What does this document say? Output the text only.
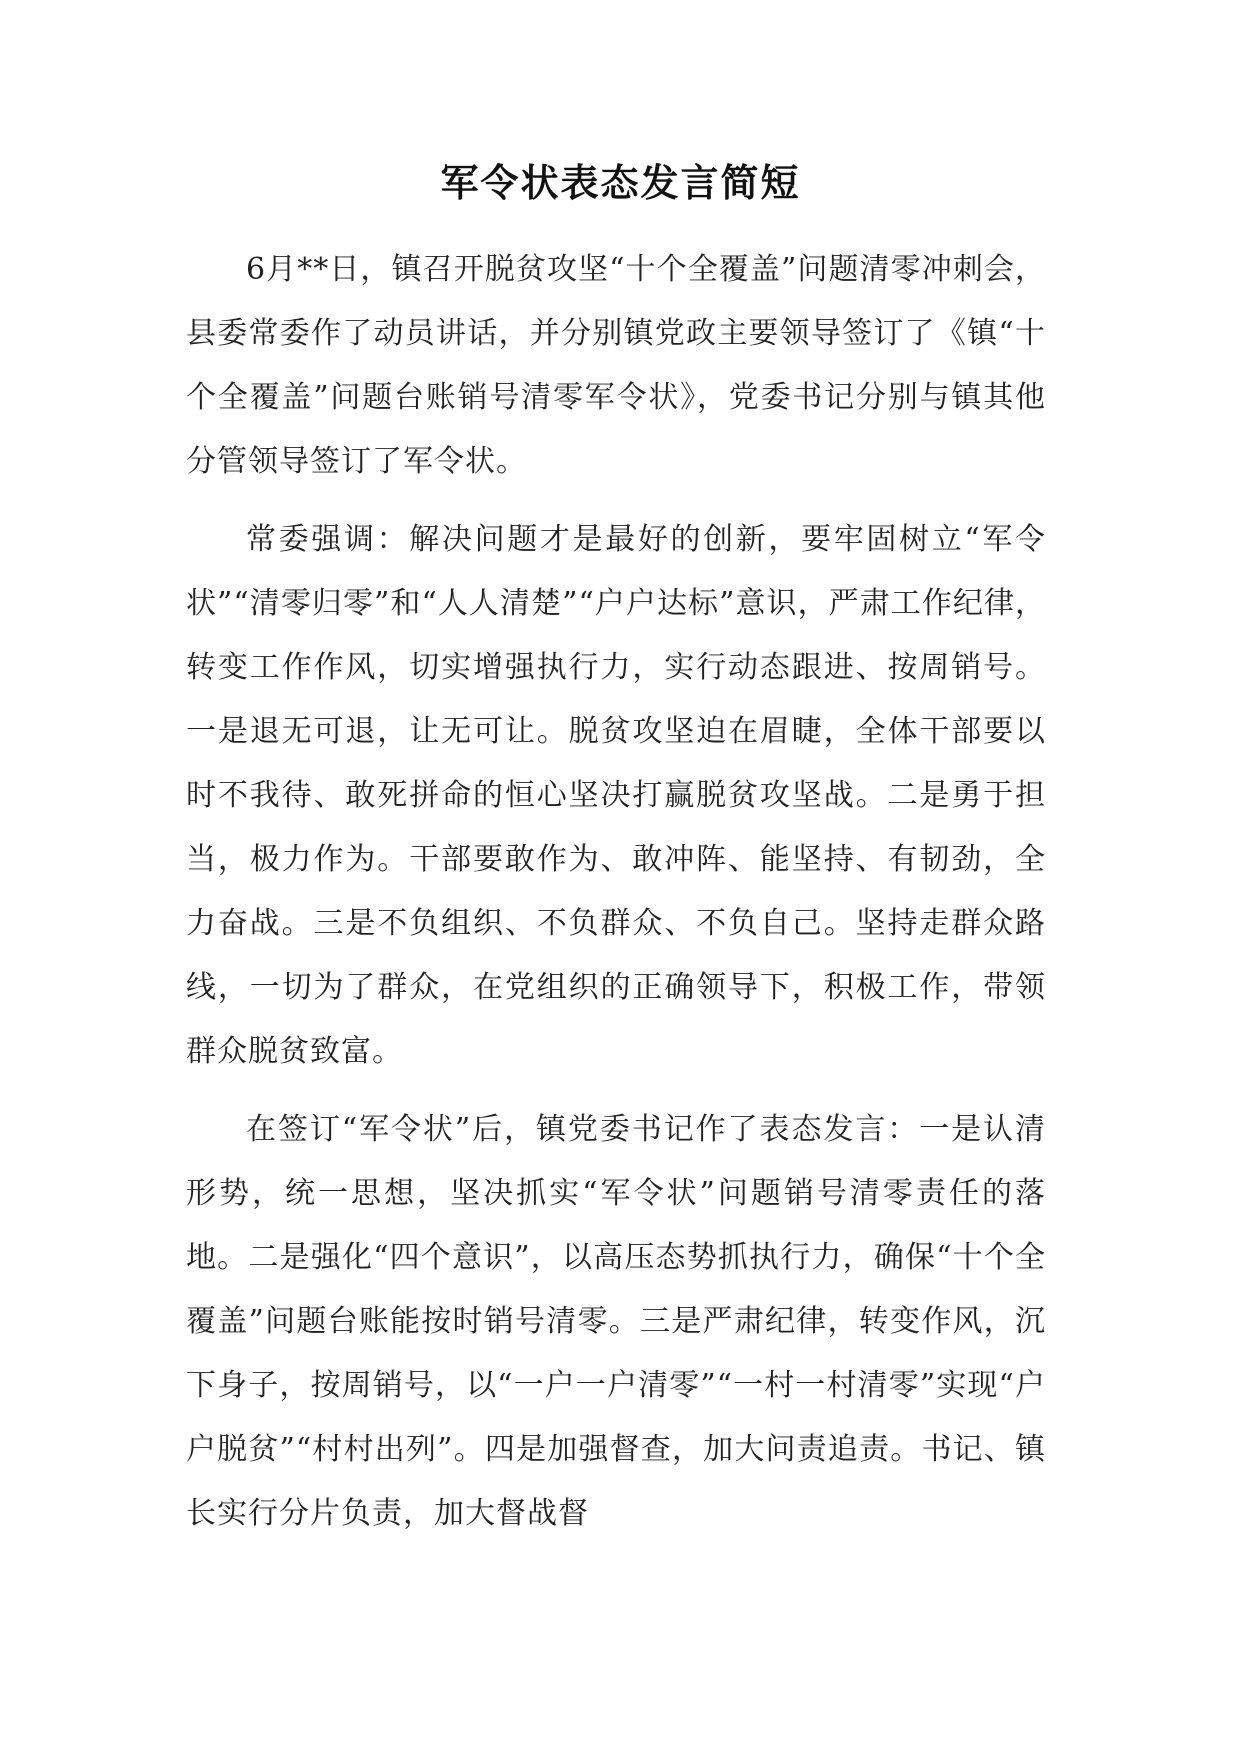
军令状表态发言简短

6月**日，镇召开脱贫攻坚“十个全覆盖”问题清零冲刺会，县委常委作了动员讲话，并分别镇党政主要领导签订了《镇“十个全覆盖”问题台账销号清零军令状》，党委书记分别与镇其他分管领导签订了军令状。

常委强调：解决问题才是最好的创新，要牢固树立“军令状”“清零归零”和“人人清楚”“户户达标”意识，严肃工作纪律，转变工作作风，切实增强执行力，实行动态跟进、按周销号。一是退无可退，让无可让。脱贫攻坚迫在眉睫，全体干部要以时不我待、敢死拼命的恒心坚决打赢脱贫攻坚战。二是勇于担当，极力作为。干部要敢作为、敢冲阵、能坚持、有韧劲，全力奋战。三是不负组织、不负群众、不负自己。坚持走群众路线，一切为了群众，在党组织的正确领导下，积极工作，带领群众脱贫致富。

在签订“军令状”后，镇党委书记作了表态发言：一是认清形势，统一思想，坚决抓实“军令状”问题销号清零责任的落地。二是强化“四个意识”，以高压态势抓执行力，确保“十个全覆盖”问题台账能按时销号清零。三是严肃纪律，转变作风，沉下身子，按周销号，以“一户一户清零”“一村一村清零”实现“户户脱贫”“村村出列”。四是加强督查，加大问责追责。书记、镇长实行分片负责，加大督战督
